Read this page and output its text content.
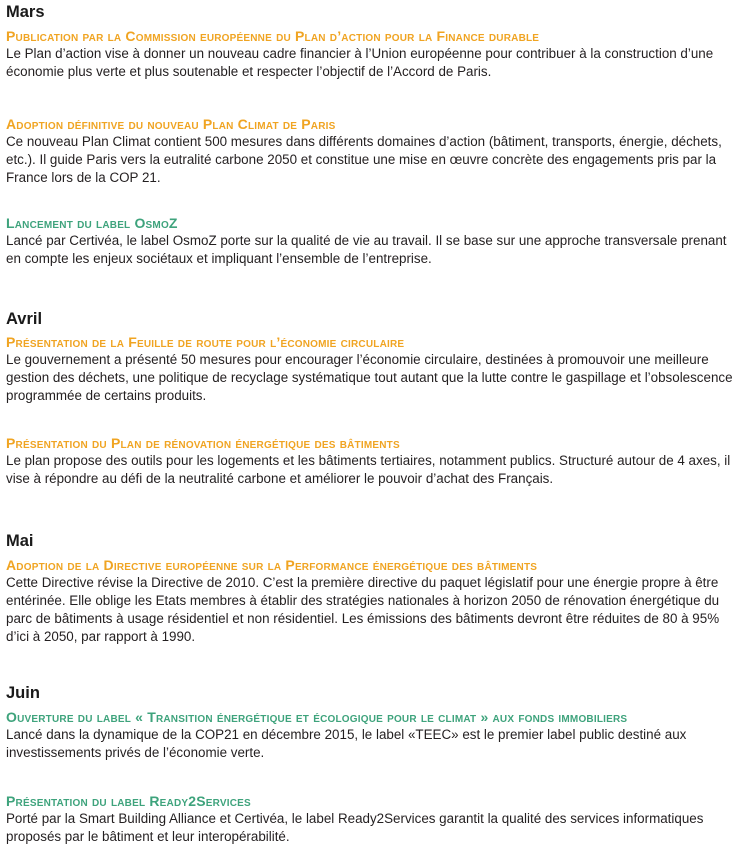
Mars
Publication par la Commission européenne du Plan d’action pour la Finance durable

Le Plan d’action vise à donner un nouveau cadre financier à l’Union européenne pour contribuer à la construction d’une économie plus verte et plus soutenable et respecter l’objectif de l’Accord de Paris.

Adoption définitive du nouveau Plan Climat de Paris

Ce nouveau Plan Climat contient 500 mesures dans différents domaines d’action (bâtiment, transports, énergie, déchets, etc.). Il guide Paris vers la eutralité carbone 2050 et constitue une mise en œuvre concrète des engagements pris par la France lors de la COP 21.

Lancement du label OsmoZ

Lancé par Certivéa, le label OsmoZ porte sur la qualité de vie au travail. Il se base sur une approche transversale prenant en compte les enjeux sociétaux et impliquant l’ensemble de l’entreprise.

Avril
Présentation de la Feuille de route pour l’économie circulaire

Le gouvernement a présenté 50 mesures pour encourager l’économie circulaire, destinées à promouvoir une meilleure gestion des déchets, une politique de recyclage systématique tout autant que la lutte contre le gaspillage et l’obsolescence programmée de certains produits.

Présentation du Plan de rénovation énergétique des bâtiments

Le plan propose des outils pour les logements et les bâtiments tertiaires, notamment publics. Structuré autour de 4 axes, il vise à répondre au défi de la neutralité carbone et améliorer le pouvoir d’achat des Français.

Mai
Adoption de la Directive européenne sur la Performance énergétique des bâtiments

Cette Directive révise la Directive de 2010. C’est la première directive du paquet législatif pour une énergie propre à être entérinée. Elle oblige les Etats membres à établir des stratégies nationales à horizon 2050 de rénovation énergétique du parc de bâtiments à usage résidentiel et non résidentiel. Les émissions des bâtiments devront être réduites de 80 à 95% d’ici à 2050, par rapport à 1990.

Juin
Ouverture du label « Transition énergétique et écologique pour le climat » aux fonds immobiliers

Lancé dans la dynamique de la COP21 en décembre 2015, le label «TEEC» est le premier label public destiné aux investissements privés de l’économie verte.

Présentation du label Ready2Services

Porté par la Smart Building Alliance et Certivéa, le label Ready2Services garantit la qualité des services informatiques proposés par le bâtiment et leur interopérabilité.
